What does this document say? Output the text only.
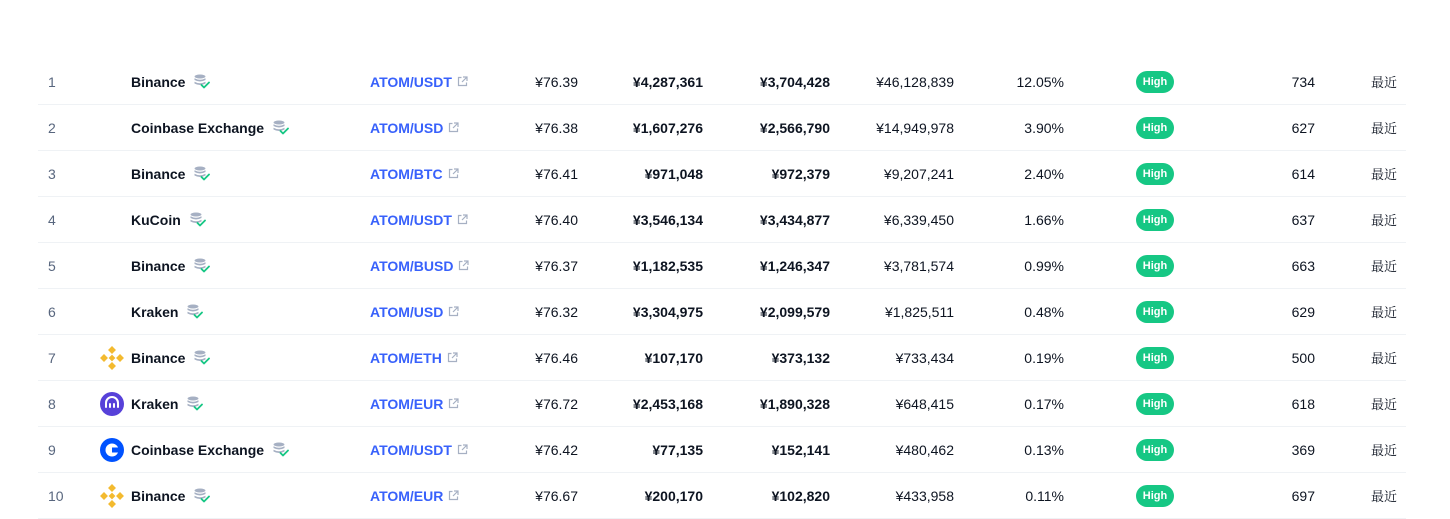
1	Binance	ATOM/USDT	¥76.39	¥4,287,361	¥3,704,428	¥46,128,839	12.05%	High	734	最近
2	Coinbase Exchange	ATOM/USD	¥76.38	¥1,607,276	¥2,566,790	¥14,949,978	3.90%	High	627	最近
3	Binance	ATOM/BTC	¥76.41	¥971,048	¥972,379	¥9,207,241	2.40%	High	614	最近
4	KuCoin	ATOM/USDT	¥76.40	¥3,546,134	¥3,434,877	¥6,339,450	1.66%	High	637	最近
5	Binance	ATOM/BUSD	¥76.37	¥1,182,535	¥1,246,347	¥3,781,574	0.99%	High	663	最近
6	Kraken	ATOM/USD	¥76.32	¥3,304,975	¥2,099,579	¥1,825,511	0.48%	High	629	最近
7	Binance	ATOM/ETH	¥76.46	¥107,170	¥373,132	¥733,434	0.19%	High	500	最近
8	Kraken	ATOM/EUR	¥76.72	¥2,453,168	¥1,890,328	¥648,415	0.17%	High	618	最近
9	Coinbase Exchange	ATOM/USDT	¥76.42	¥77,135	¥152,141	¥480,462	0.13%	High	369	最近
10	Binance	ATOM/EUR	¥76.67	¥200,170	¥102,820	¥433,958	0.11%	High	697	最近
